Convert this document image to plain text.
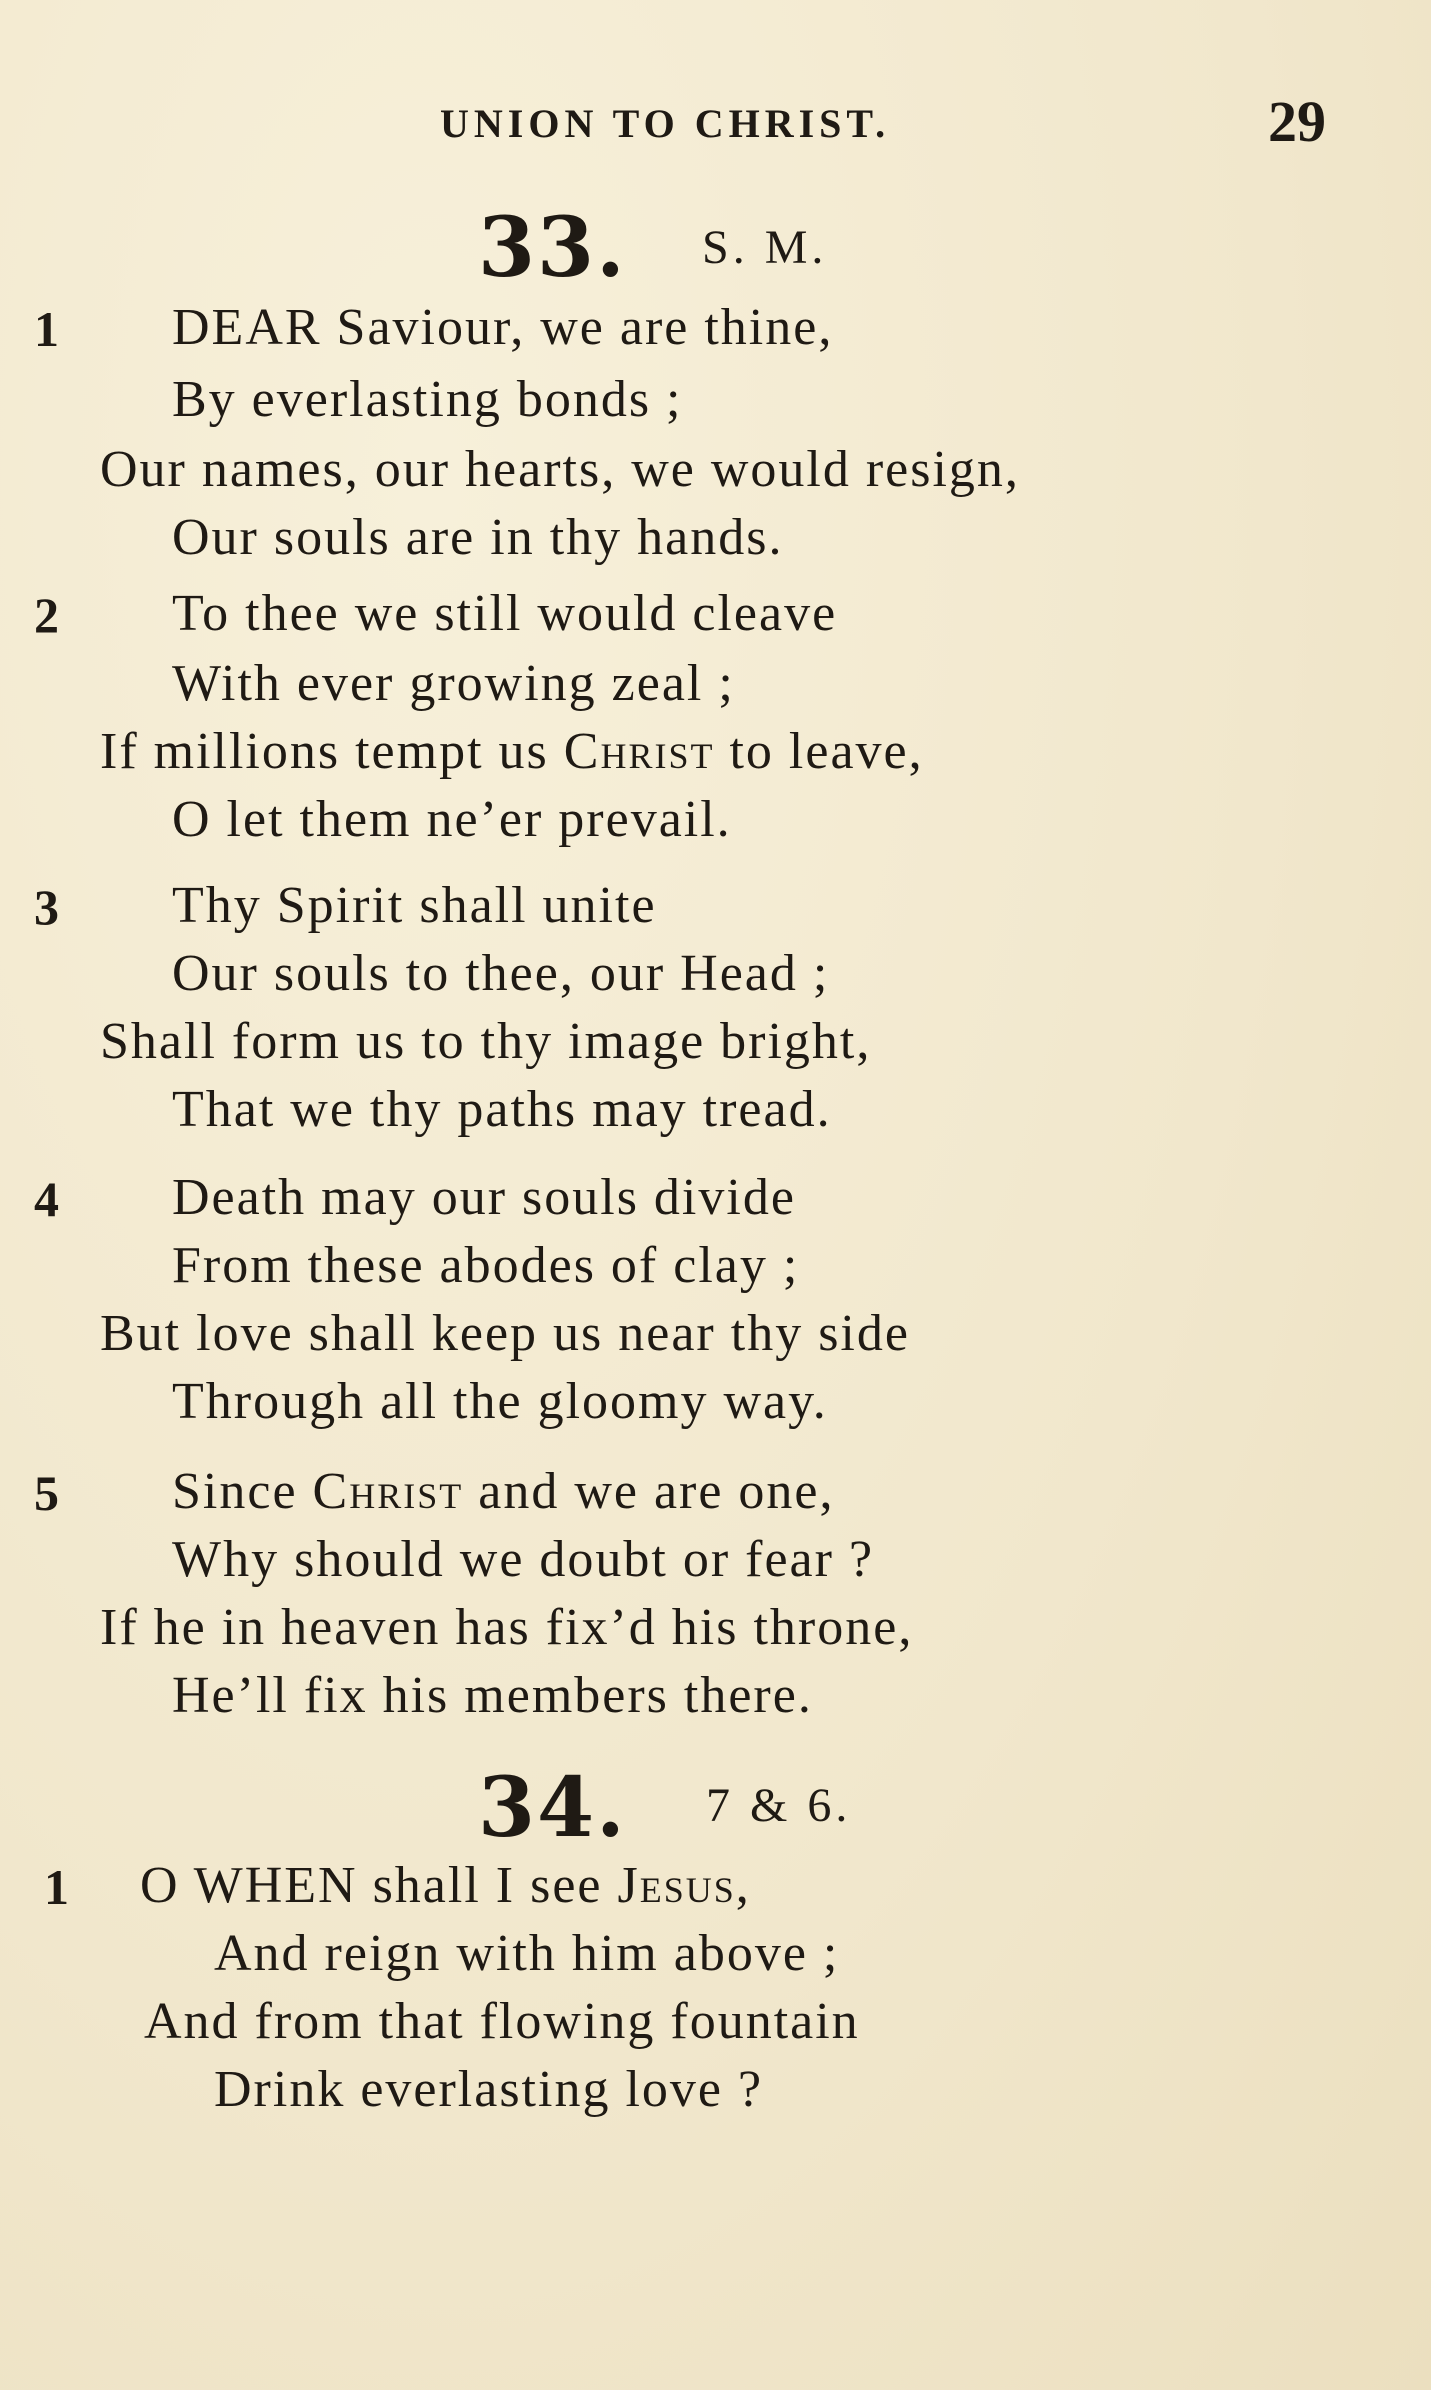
UNION TO CHRIST.	29
33. S. M.
1 DEAR Saviour, we are thine,
By everlasting bonds ;
Our names, our hearts, we would resign,
Our souls are in thy hands.
2 To thee we still would cleave
With ever growing zeal ;
If millions tempt us Christ to leave,
O let them ne’er prevail.
3 Thy Spirit shall unite
Our souls to thee, our Head ;
Shall form us to thy image bright,
That we thy paths may tread.
4 Death may our souls divide
From these abodes of clay ;
But love shall keep us near thy side
Through all the gloomy way.
5 Since Christ and we are one,
Why should we doubt or fear ?
If he in heaven has fix’d his throne,
He’ll fix his members there.
34. 7 & 6.
1 O WHEN shall I see Jesus,
And reign with him above ;
And from that flowing fountain
Drink everlasting love ?
